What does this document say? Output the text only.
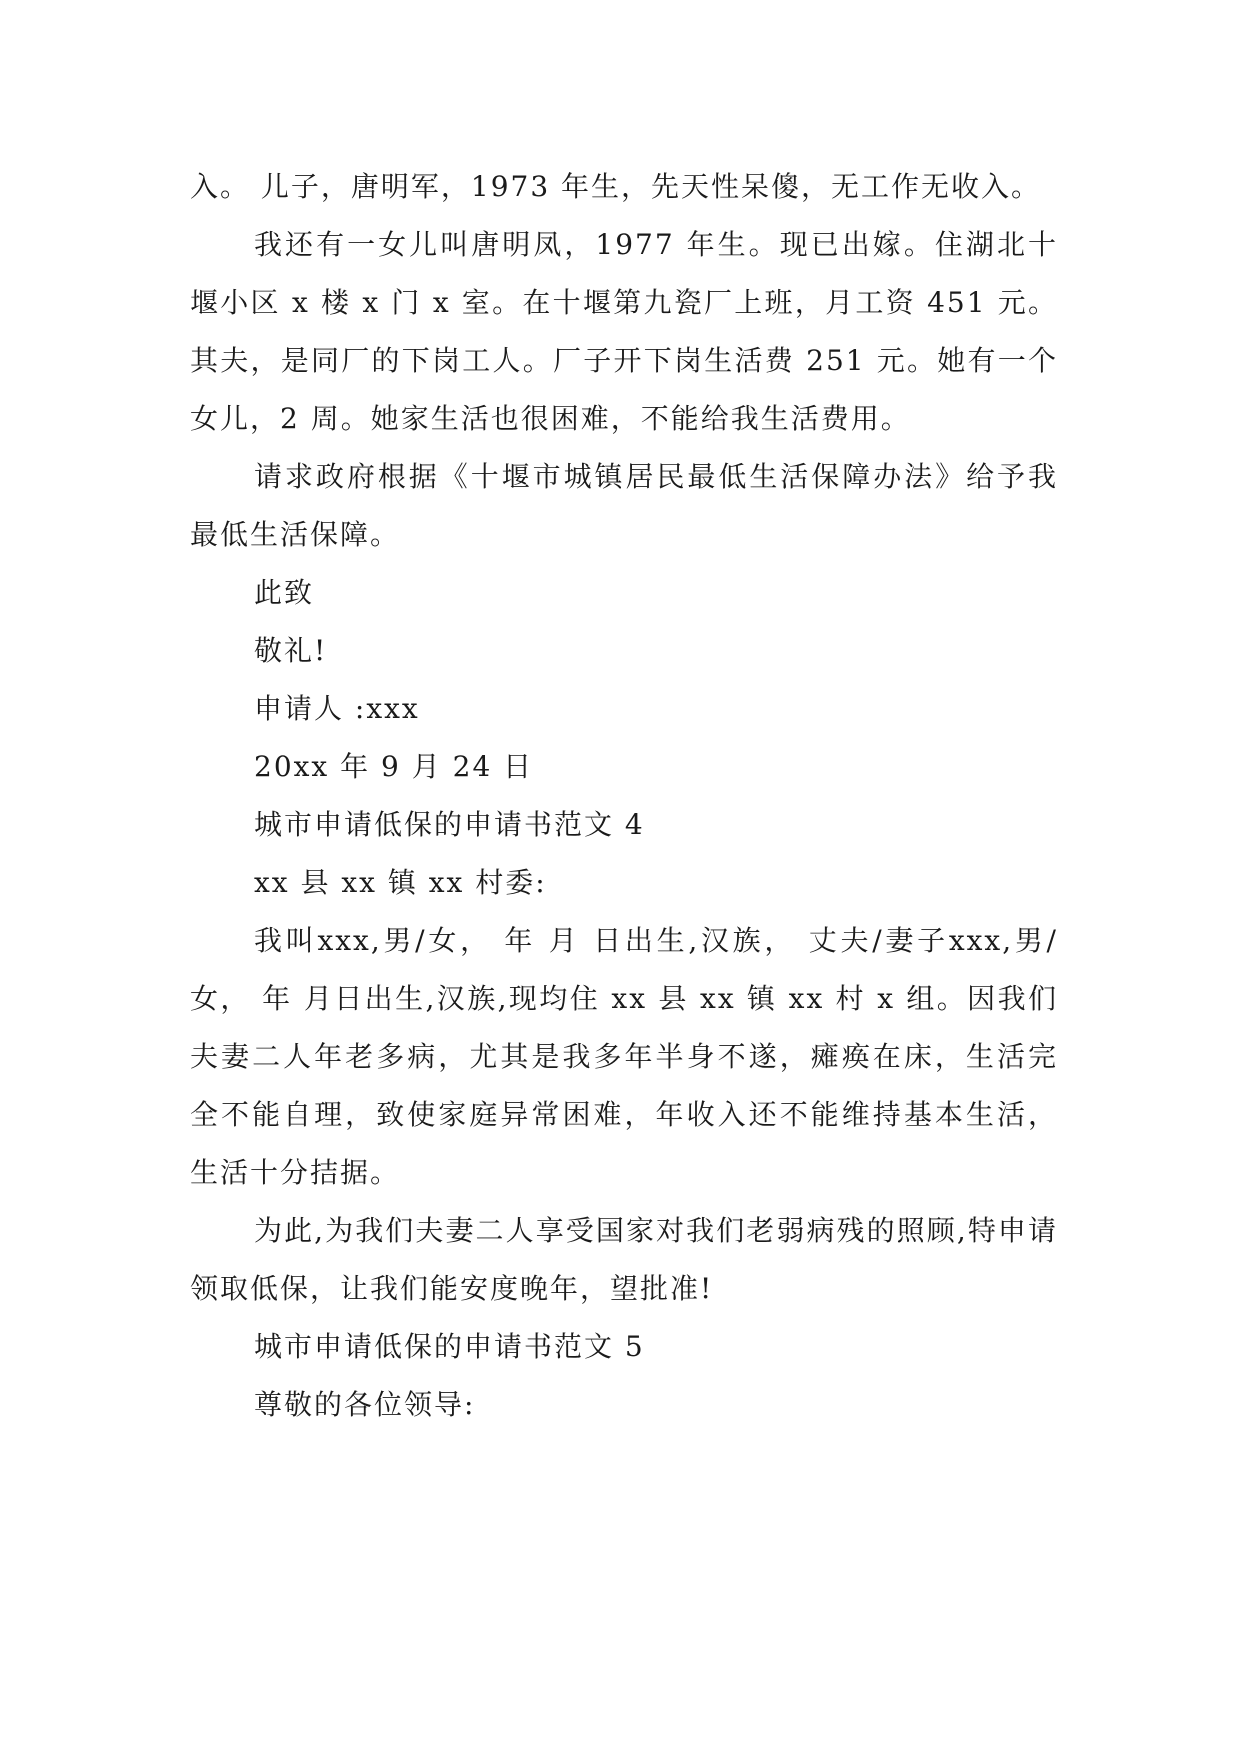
入。 儿子，唐明军，1973 年生，先天性呆傻，无工作无收入。

我还有一女儿叫唐明凤，1977 年生。现已出嫁。住湖北十堰小区 x 楼 x 门 x 室。在十堰第九瓷厂上班，月工资 451 元。其夫，是同厂的下岗工人。厂子开下岗生活费 251 元。她有一个女儿，2 周。她家生活也很困难，不能给我生活费用。

请求政府根据《十堰市城镇居民最低生活保障办法》给予我最低生活保障。

此致

敬礼!

申请人 :xxx

20xx 年 9 月 24 日

城市申请低保的申请书范文 4

xx 县 xx 镇 xx 村委:

我叫xxx,男/女， 年 月 日出生,汉族， 丈夫/妻子xxx,男/女， 年 月日出生,汉族,现均住 xx 县 xx 镇 xx 村 x 组。因我们夫妻二人年老多病，尤其是我多年半身不遂，瘫痪在床，生活完全不能自理，致使家庭异常困难，年收入还不能维持基本生活，生活十分拮据。

为此,为我们夫妻二人享受国家对我们老弱病残的照顾,特申请领取低保，让我们能安度晚年，望批准!

城市申请低保的申请书范文 5

尊敬的各位领导:
